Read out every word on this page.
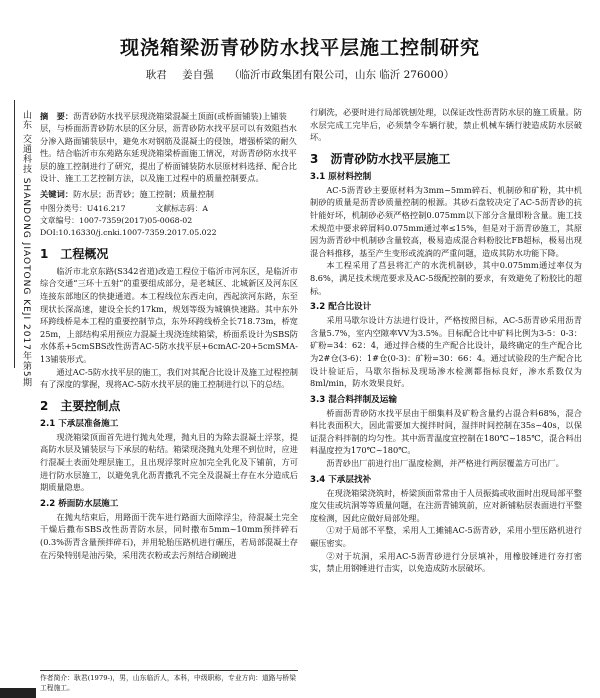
现浇箱梁沥青砂防水找平层施工控制研究
耿君 姜自强 （临沂市政集团有限公司，山东 临沂 276000）
山东 交通科技 SHANDONG JIAOTONG KEJI 2017年第5期 摘　要：沥青砂防水找平层现浇箱梁混凝土顶面(或桥面铺装)上铺装层，与桥面沥青砂防水层的区分层，沥青砂防水找平层可以有效阻挡水分渗入路面铺装层中，避免水对钢筋及混凝土的侵蚀，增强桥梁的耐久性。结合临沂市东苑路东延现浇箱梁桥面施工情况，对沥青砂防水找平层的施工控制进行了研究，提出了桥面铺装防水层原材料选择、配合比设计、施工工艺控制方法，以及施工过程中的质量控制要点。
关键词：防水层；沥青砂；施工控制；质量控制
中图分类号：U416.217	文献标志码：A
文章编号：1007-7359(2017)05-0068-02
DOI:10.16330/j.cnki.1007-7359.2017.05.022
1　工程概况

临沂市北京东路(S342省道)改造工程位于临沂市河东区，是临沂市综合交通“三环十五射”的重要组成部分，是老城区、北城新区及河东区连接东部地区的快捷通道。本工程线位东西走向，西起滨河东路，东至现状长深高速，建设全长约17km，规划等级为城镇快速路。其中东外环跨线桥是本工程的重要控制节点，东外环跨线桥全长718.73m，桥宽25m，上部结构采用预应力混凝土现浇连续箱梁，桥面系设计为SBS防水体系+5cmSBS改性沥青AC-5防水找平层+6cmAC-20+5cmSMA-13铺装形式。

通过AC-5防水找平层的施工，我们对其配合比设计及施工过程控制有了深度的掌握，现将AC-5防水找平层的施工控制进行以下的总结。

2　主要控制点
2.1 下承层准备施工

现浇箱梁顶面首先进行抛丸处理，抛丸目的为除去混凝土浮浆，提高防水层及铺装层与下承层的粘结。箱梁现浇抛丸处理不到位时，应进行混凝土表面处理层施工，且出现浮浆时应加完全乳化及下铺前，方可进行防水层施工，以避免乳化沥青撒乳不完全及混凝土存在水分造成后期质量隐患。

2.2 桥面防水层施工

在抛丸结束后，用路面干洗车进行路面大面除浮尘，待混凝土完全干燥后撒布SBS改性沥青防水层，同时撒布5mm~10mm预拌碎石(0.3%沥青含量预拌碎石)，并用轮胎压路机进行碾压，若局部混凝土存在污染特别是油污染，采用洗衣粉或去污剂结合刷碗进

行刷洗，必要时进行局部铣刨处理，以保证改性沥青防水层的施工质量。防水层完成工完毕后，必须禁令车辆行驶，禁止机械车辆行驶造成防水层破坏。

3　沥青砂防水找平层施工
3.1 原材料控制

AC-5沥青砂主要原材料为3mm~5mm碎石、机制砂和矿粉，其中机制砂的质量是沥青砂质量控制的根源。其砂石盘较决定了AC-5沥青砂的抗针能好坏，机制砂必须严格控制0.075mm以下部分含量即粉含量。施工技术规范中要求碎屑料0.075mm通过率≤15%，但是对于沥青砂施工，其原因为沥青砂中机制砂含量较高，极易造成混合料粉胶比FB超标，极易出现混合料推移，基至产生变形或流淌的严重问题，造成其防水功能下降。

本工程采用了莒县将汇产的水洗机制砂，其中0.075mm通过率仅为8.6%，满足技术规范要求及AC-5级配控制的要求，有效避免了粉胶比的超标。

3.2 配合比设计

采用马歇尔设计方法进行设计，严格按照目标，AC-5沥青砂采用沥青含量5.7%，室内空隙率VV为3.5%。目标配合比中矿料比例为3-5：0-3：矿粉=34：62：4，通过拌合楼的生产配合比设计，最终确定的生产配合比为2#仓(3-6)：1#仓(0-3)：矿粉=30：66：4。通过试验段的生产配合比设计验证后，马歇尔指标及现场渗水检测都指标良好，渗水系数仅为8ml/min，防水效果良好。

3.3 混合料拌制及运输

桥面沥青砂防水找平层由于细集料及矿粉含量约占混合料68%，混合料比表面积大，因此需要加大搅拌时间，湿拌时间控制在35s~40s，以保证混合料拌制的均匀性。其中沥青温度宜控制在180℃~185℃，混合料出料温度控为170℃~180℃。

沥青砂出厂前进行出厂温度检测，并严格进行两层覆盖方可出厂。

3.4 下承层找补

在现浇箱梁浇筑时，桥梁顶面常常由于人员振捣或收面时出现局部平整度欠佳或坑洞等等质量问题，在注沥青铺筑前，应对新铺粘层表面进行平整度检测，因此应做好局部处理。

①对于局部不平整，采用人工摊铺AC-5沥青砂，采用小型压路机进行碾压密实。

②对于坑洞，采用AC-5沥青砂进行分层填补，用橡胶锤进行夯打密实，禁止用钢锤进行击实，以免造成防水层破坏。

作者简介：耿君(1979-)，男，山东临沂人，本科，中级职称，专业方向：道路与桥梁工程施工。
